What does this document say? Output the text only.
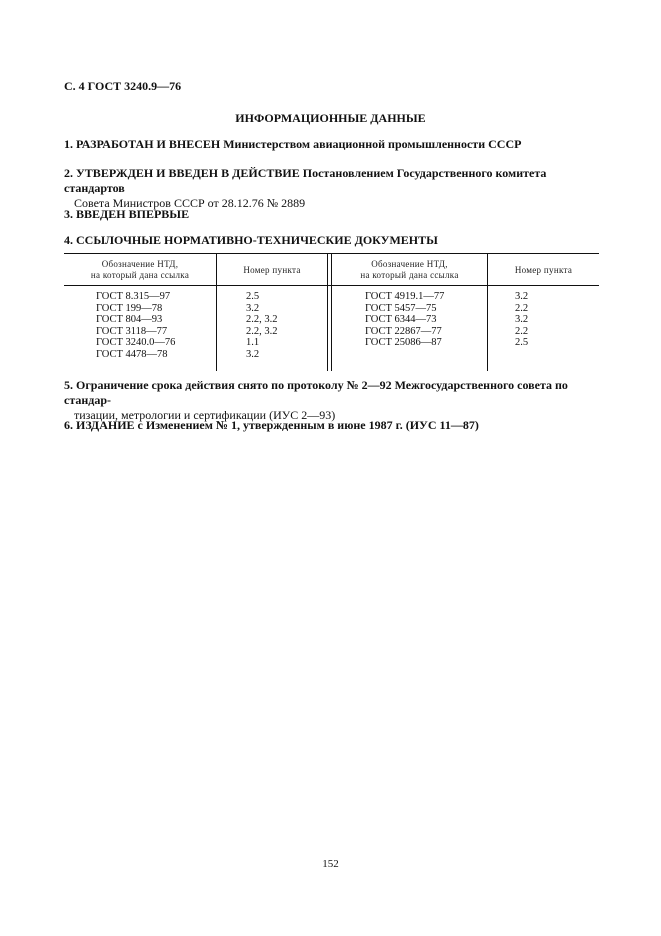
С. 4 ГОСТ 3240.9—76
ИНФОРМАЦИОННЫЕ ДАННЫЕ
1. РАЗРАБОТАН И ВНЕСЕН Министерством авиационной промышленности СССР
2. УТВЕРЖДЕН И ВВЕДЕН В ДЕЙСТВИЕ Постановлением Государственного комитета стандартов
Совета Министров СССР от 28.12.76 № 2889
3. ВВЕДЕН ВПЕРВЫЕ
4. ССЫЛОЧНЫЕ НОРМАТИВНО-ТЕХНИЧЕСКИЕ ДОКУМЕНТЫ
Обозначение НТД,
на который дана ссылка	Номер пункта
Обозначение НТД,
на который дана ссылка	Номер пункта
ГОСТ 8.315—97
ГОСТ 199—78
ГОСТ 804—93
ГОСТ 3118—77
ГОСТ 3240.0—76
ГОСТ 4478—78
2.5
3.2
2.2, 3.2
2.2, 3.2
1.1
3.2
ГОСТ 4919.1—77
ГОСТ 5457—75
ГОСТ 6344—73
ГОСТ 22867—77
ГОСТ 25086—87
3.2
2.2
3.2
2.2
2.5
5. Ограничение срока действия снято по протоколу № 2—92 Межгосударственного совета по стандар-
тизации, метрологии и сертификации (ИУС 2—93)
6. ИЗДАНИЕ с Изменением № 1, утвержденным в июне 1987 г. (ИУС 11—87)
152
